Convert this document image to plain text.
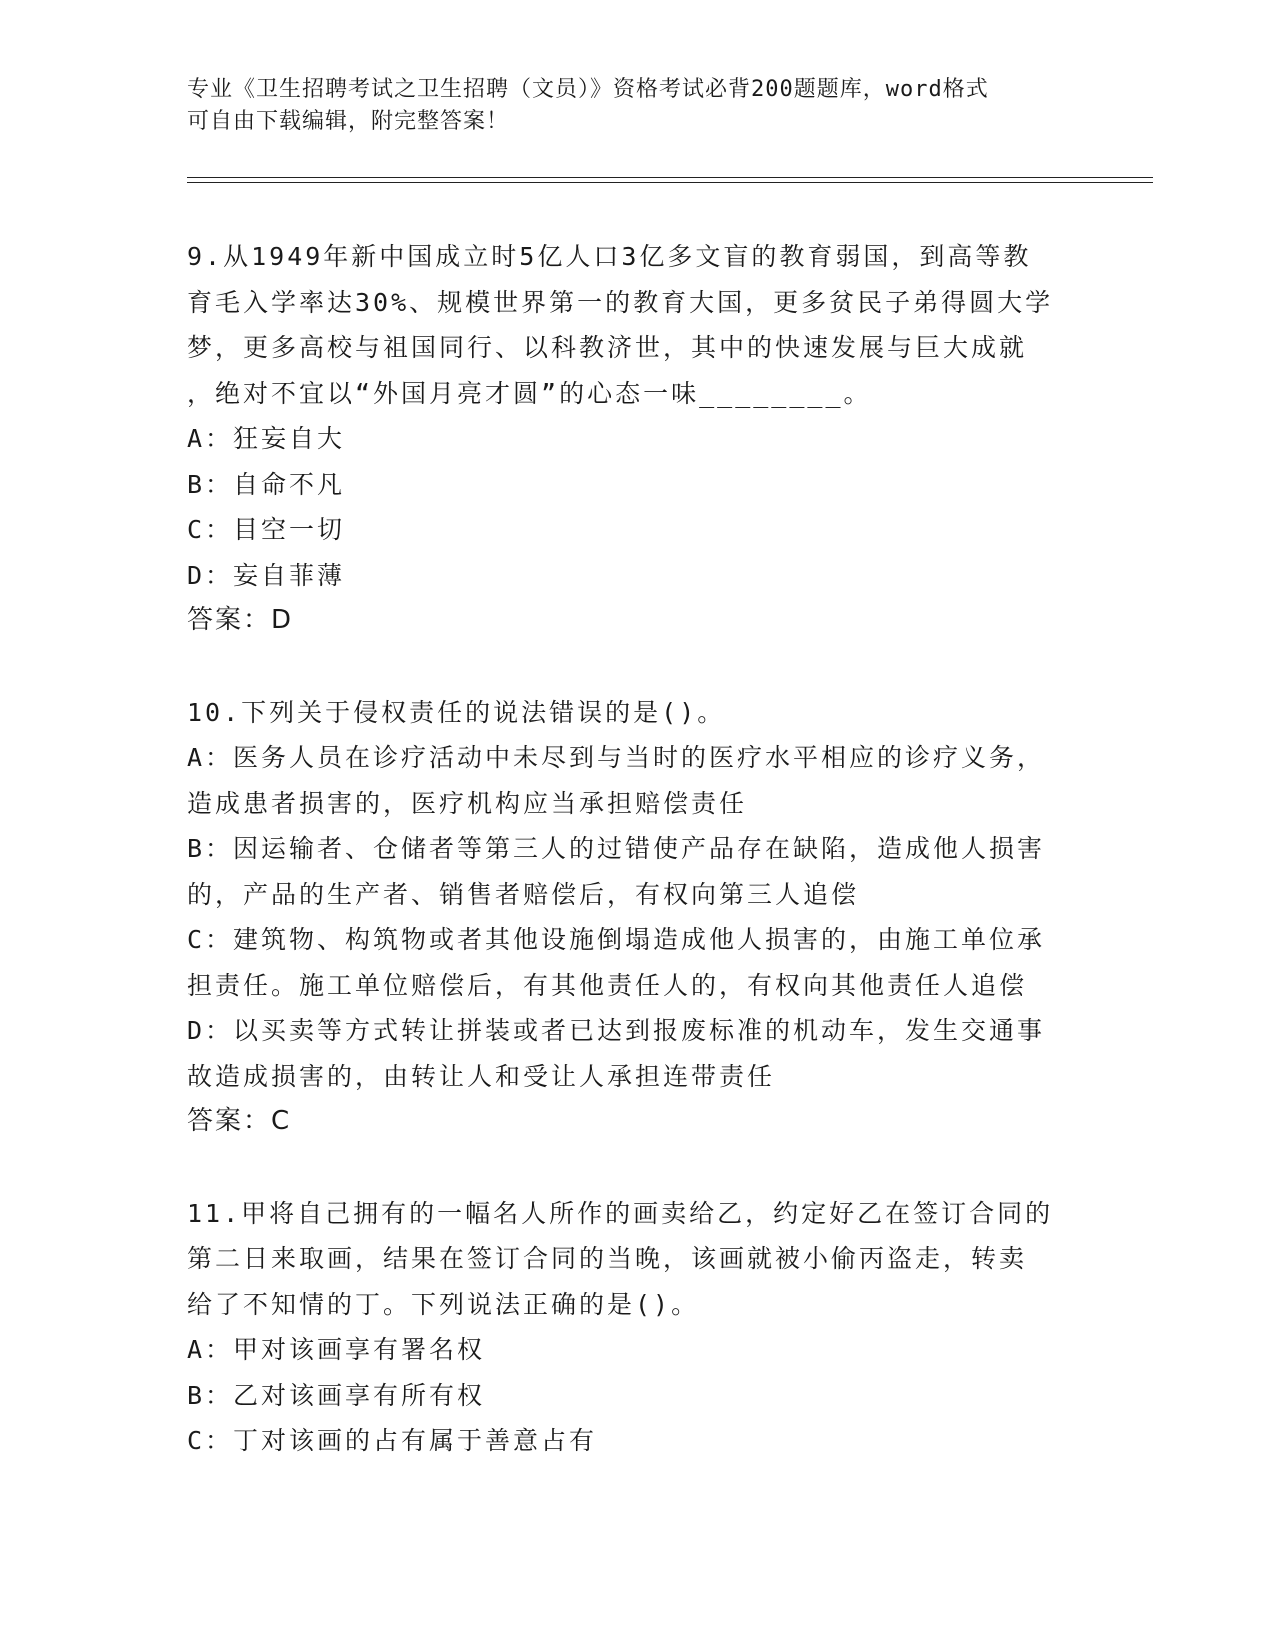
专业《卫生招聘考试之卫生招聘（文员）》资格考试必背200题题库，word格式
可自由下载编辑，附完整答案！
9.从1949年新中国成立时5亿人口3亿多文盲的教育弱国，到高等教
育毛入学率达30%、规模世界第一的教育大国，更多贫民子弟得圆大学
梦，更多高校与祖国同行、以科教济世，其中的快速发展与巨大成就
，绝对不宜以“外国月亮才圆”的心态一味________。
A：狂妄自大
B：自命不凡
C：目空一切
D：妄自菲薄
答案：D
10.下列关于侵权责任的说法错误的是()。
A：医务人员在诊疗活动中未尽到与当时的医疗水平相应的诊疗义务，
造成患者损害的，医疗机构应当承担赔偿责任
B：因运输者、仓储者等第三人的过错使产品存在缺陷，造成他人损害
的，产品的生产者、销售者赔偿后，有权向第三人追偿
C：建筑物、构筑物或者其他设施倒塌造成他人损害的，由施工单位承
担责任。施工单位赔偿后，有其他责任人的，有权向其他责任人追偿
D：以买卖等方式转让拼装或者已达到报废标准的机动车，发生交通事
故造成损害的，由转让人和受让人承担连带责任
答案：C
11.甲将自己拥有的一幅名人所作的画卖给乙，约定好乙在签订合同的
第二日来取画，结果在签订合同的当晚，该画就被小偷丙盗走，转卖
给了不知情的丁。下列说法正确的是()。
A：甲对该画享有署名权
B：乙对该画享有所有权
C：丁对该画的占有属于善意占有
